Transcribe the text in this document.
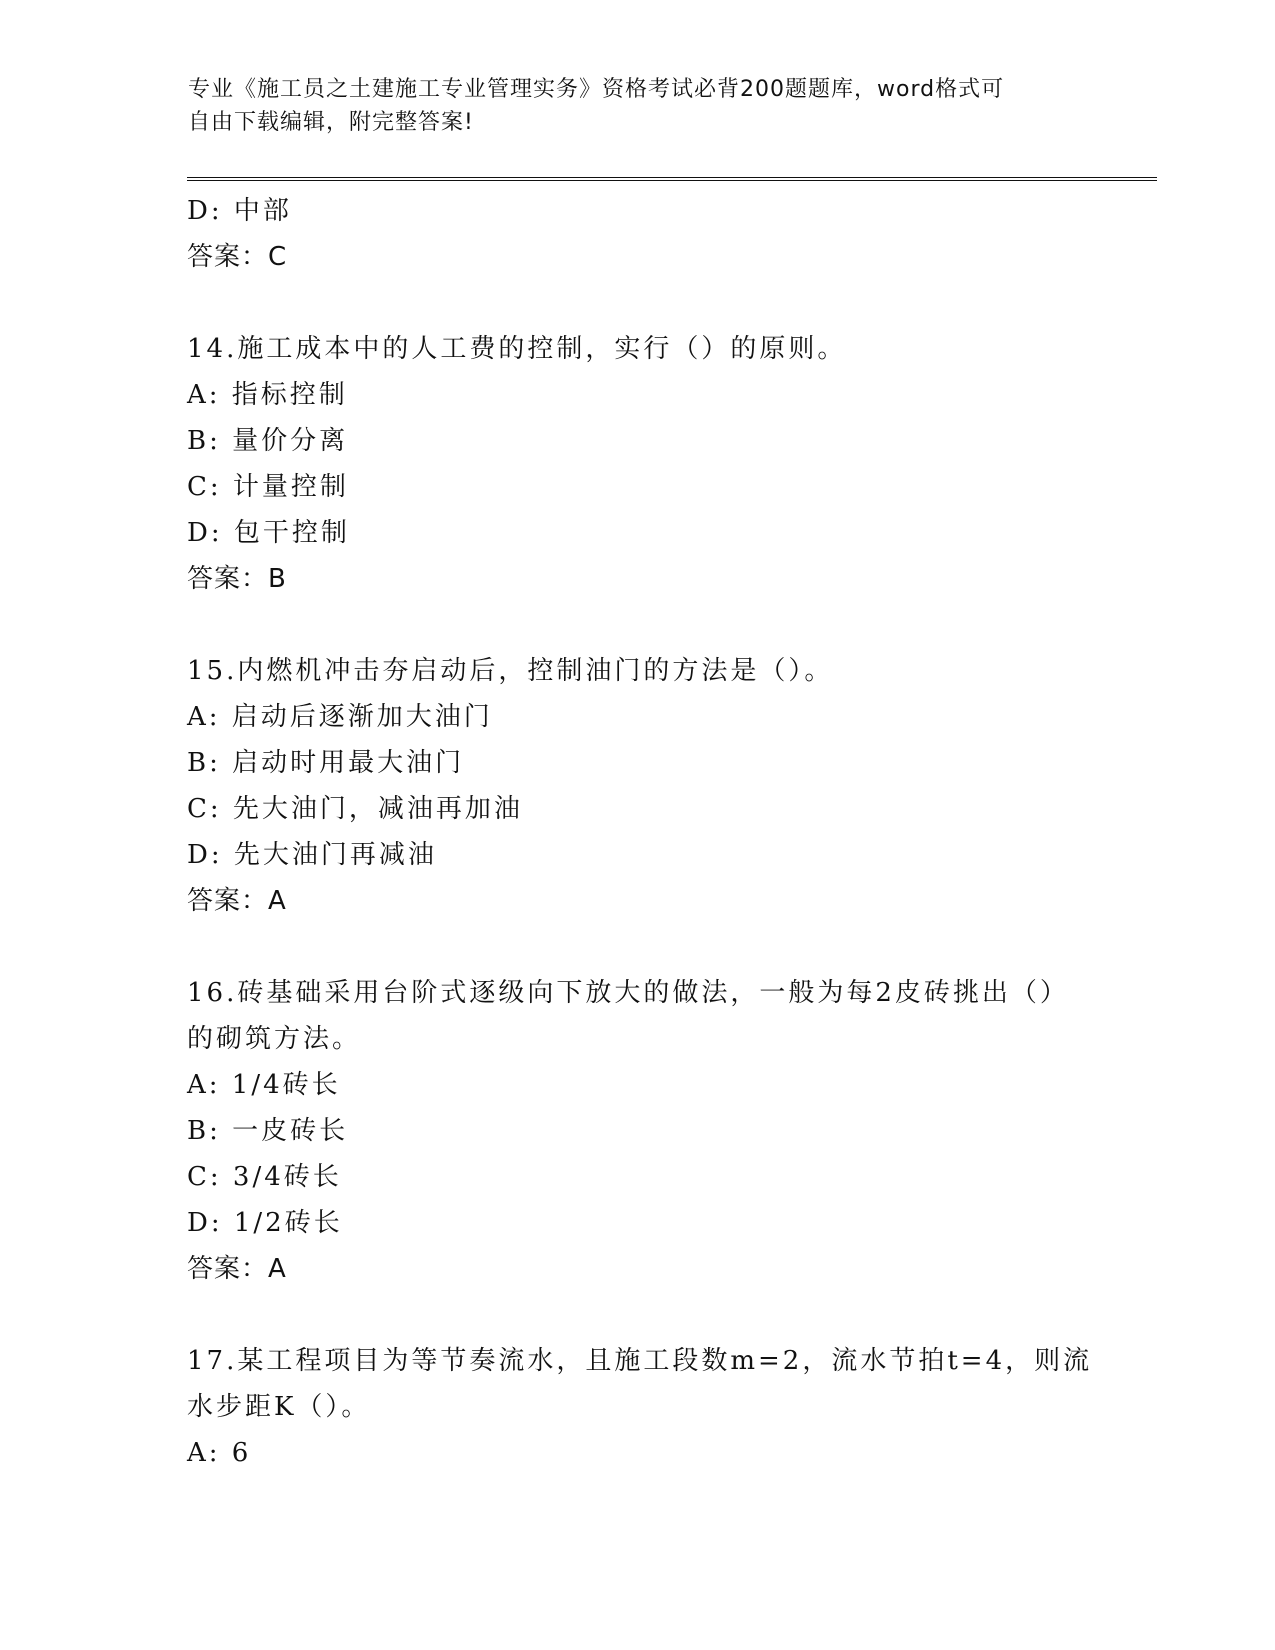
专业《施工员之土建施工专业管理实务》资格考试必背200题题库，word格式可
自由下载编辑，附完整答案!
D: 中部
答案：C
14.施工成本中的人工费的控制，实行（）的原则。
A: 指标控制
B: 量价分离
C: 计量控制
D: 包干控制
答案：B
15.内燃机冲击夯启动后，控制油门的方法是（）。
A: 启动后逐渐加大油门
B: 启动时用最大油门
C: 先大油门，减油再加油
D: 先大油门再减油
答案：A
16.砖基础采用台阶式逐级向下放大的做法，一般为每2皮砖挑出（）
的砌筑方法。
A: 1/4砖长
B: 一皮砖长
C: 3/4砖长
D: 1/2砖长
答案：A
17.某工程项目为等节奏流水，且施工段数m=2，流水节拍t=4，则流
水步距K（）。
A: 6
